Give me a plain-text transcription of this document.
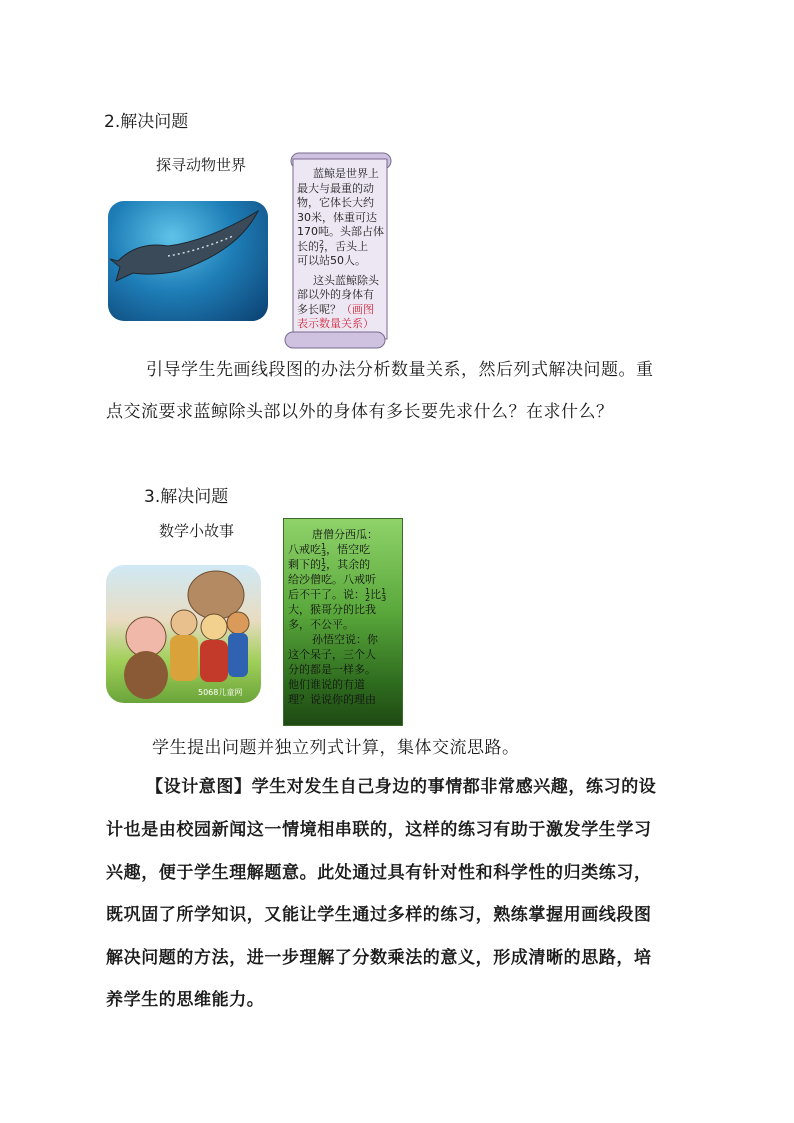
2.解决问题
探寻动物世界	蓝鲸是世界上
最大与最重的动
物，它体长大约
30米，体重可达
170吨。头部占体
长的2
7，舌头上
可以站50人。
这头蓝鲸除头
部以外的身体有
多长呢？（画图
表示数量关系）
引导学生先画线段图的办法分析数量关系，然后列式解决问题。重
点交流要求蓝鲸除头部以外的身体有多长要先求什么？在求什么？
3.解决问题
数学小故事
5068儿童网
唐僧分西瓜：
八戒吃1
3，悟空吃
剩下的1
2，其余的
给沙僧吃。八戒听
后不干了。说：1
2比1
3
大，猴哥分的比我
多，不公平。
孙悟空说：你
这个呆子，三个人
分的都是一样多。
他们谁说的有道
理？说说你的理由
学生提出问题并独立列式计算，集体交流思路。
【设计意图】学生对发生自己身边的事情都非常感兴趣，练习的设
计也是由校园新闻这一情境相串联的，这样的练习有助于激发学生学习
兴趣，便于学生理解题意。此处通过具有针对性和科学性的归类练习，
既巩固了所学知识，又能让学生通过多样的练习，熟练掌握用画线段图
解决问题的方法，进一步理解了分数乘法的意义，形成清晰的思路，培
养学生的思维能力。
